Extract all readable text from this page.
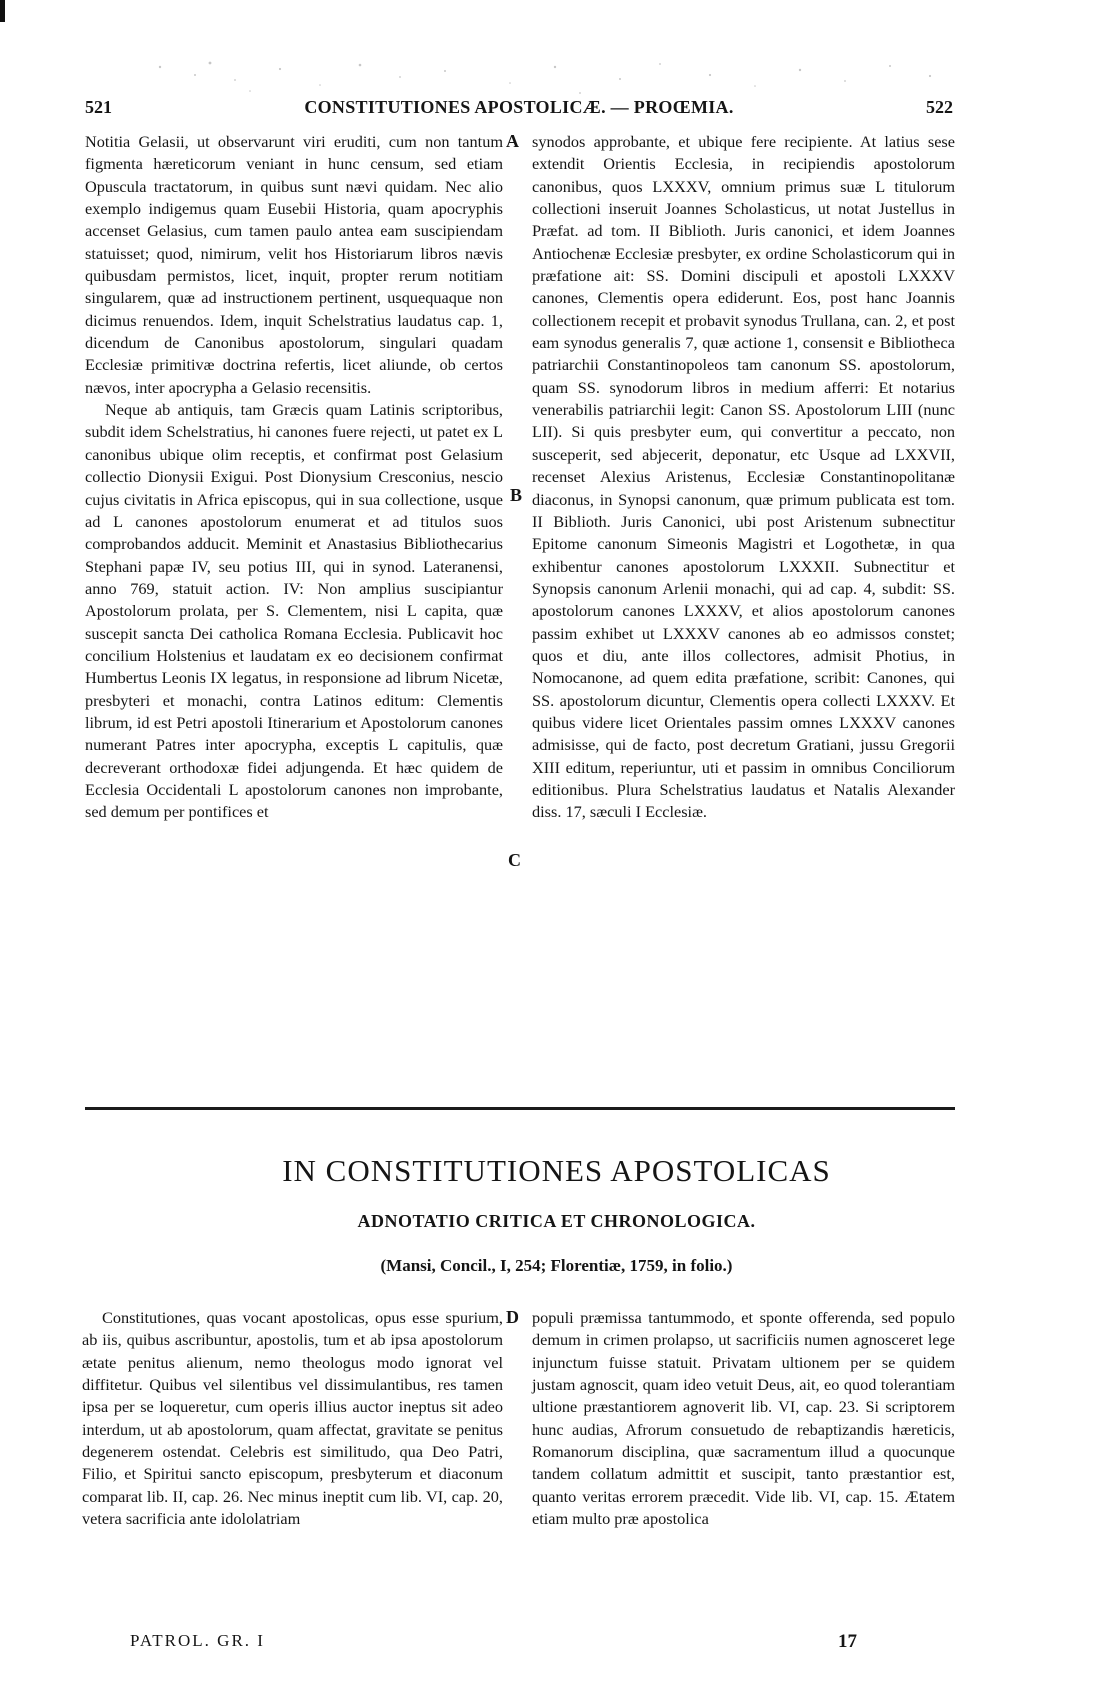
521	CONSTITUTIONES APOSTOLICÆ. — PROŒMIA.	522

Notitia Gelasii, ut observarunt viri eruditi, cum non tantum figmenta hæreticorum veniant in hunc censum, sed etiam Opuscula tractatorum, in quibus sunt nævi quidam. Nec alio exemplo indigemus quam Eusebii Historia, quam apocryphis accenset Gelasius, cum tamen paulo antea eam suscipiendam statuisset; quod, nimirum, velit hos Historiarum libros nævis quibusdam permistos, licet, inquit, propter rerum notitiam singularem, quæ ad instructionem pertinent, usquequaque non dicimus renuendos. Idem, inquit Schelstratius laudatus cap. 1, dicendum de Canonibus apostolorum, singulari quadam Ecclesiæ primitivæ doctrina refertis, licet aliunde, ob certos nævos, inter apocrypha a Gelasio recensitis.

Neque ab antiquis, tam Græcis quam Latinis scriptoribus, subdit idem Schelstratius, hi canones fuere rejecti, ut patet ex L canonibus ubique olim receptis, et confirmat post Gelasium collectio Dionysii Exigui. Post Dionysium Cresconius, nescio cujus civitatis in Africa episcopus, qui in sua collectione, usque ad L canones apostolorum enumerat et ad titulos suos comprobandos adducit. Meminit et Anastasius Bibliothecarius Stephani papæ IV, seu potius III, qui in synod. Lateranensi, anno 769, statuit action. IV: Non amplius suscipiantur Apostolorum prolata, per S. Clementem, nisi L capita, quæ suscepit sancta Dei catholica Romana Ecclesia. Publicavit hoc concilium Holstenius et laudatam ex eo decisionem confirmat Humbertus Leonis IX legatus, in responsione ad librum Nicetæ, presbyteri et monachi, contra Latinos editum: Clementis librum, id est Petri apostoli Itinerarium et Apostolorum canones numerant Patres inter apocrypha, exceptis L capitulis, quæ decreverant orthodoxæ fidei adjungenda. Et hæc quidem de Ecclesia Occidentali L apostolorum canones non improbante, sed demum per pontifices et

synodos approbante, et ubique fere recipiente. At latius sese extendit Orientis Ecclesia, in recipiendis apostolorum canonibus, quos LXXXV, omnium primus suæ L titulorum collectioni inseruit Joannes Scholasticus, ut notat Justellus in Præfat. ad tom. II Biblioth. Juris canonici, et idem Joannes Antiochenæ Ecclesiæ presbyter, ex ordine Scholasticorum qui in præfatione ait: SS. Domini discipuli et apostoli LXXXV canones, Clementis opera ediderunt. Eos, post hanc Joannis collectionem recepit et probavit synodus Trullana, can. 2, et post eam synodus generalis 7, quæ actione 1, consensit e Bibliotheca patriarchii Constantinopoleos tam canonum SS. apostolorum, quam SS. synodorum libros in medium afferri: Et notarius venerabilis patriarchii legit: Canon SS. Apostolorum LIII (nunc LII). Si quis presbyter eum, qui convertitur a peccato, non susceperit, sed abjecerit, deponatur, etc Usque ad LXXVII, recenset Alexius Aristenus, Ecclesiæ Constantinopolitanæ diaconus, in Synopsi canonum, quæ primum publicata est tom. II Biblioth. Juris Canonici, ubi post Aristenum subnectitur Epitome canonum Simeonis Magistri et Logothetæ, in qua exhibentur canones apostolorum LXXXII. Subnectitur et Synopsis canonum Arlenii monachi, qui ad cap. 4, subdit: SS. apostolorum canones LXXXV, et alios apostolorum canones passim exhibet ut LXXXV canones ab eo admissos constet; quos et diu, ante illos collectores, admisit Photius, in Nomocanone, ad quem edita præfatione, scribit: Canones, qui SS. apostolorum dicuntur, Clementis opera collecti LXXXV. Et quibus videre licet Orientales passim omnes LXXXV canones admisisse, qui de facto, post decretum Gratiani, jussu Gregorii XIII editum, reperiuntur, uti et passim in omnibus Conciliorum editionibus. Plura Schelstratius laudatus et Natalis Alexander diss. 17, sæculi I Ecclesiæ.

A
B
C
D
IN CONSTITUTIONES APOSTOLICAS
ADNOTATIO CRITICA ET CHRONOLOGICA.
(Mansi, Concil., I, 254; Florentiæ, 1759, in folio.)

Constitutiones, quas vocant apostolicas, opus esse spurium, ab iis, quibus ascribuntur, apostolis, tum et ab ipsa apostolorum ætate penitus alienum, nemo theologus modo ignorat vel diffitetur. Quibus vel silentibus vel dissimulantibus, res tamen ipsa per se loqueretur, cum operis illius auctor ineptus sit adeo interdum, ut ab apostolorum, quam affectat, gravitate se penitus degenerem ostendat. Celebris est similitudo, qua Deo Patri, Filio, et Spiritui sancto episcopum, presbyterum et diaconum comparat lib. II, cap. 26. Nec minus ineptit cum lib. VI, cap. 20, vetera sacrificia ante idololatriam

populi præmissa tantummodo, et sponte offerenda, sed populo demum in crimen prolapso, ut sacrificiis numen agnosceret lege injunctum fuisse statuit. Privatam ultionem per se quidem justam agnoscit, quam ideo vetuit Deus, ait, eo quod tolerantiam ultione præstantiorem agnoverit lib. VI, cap. 23. Si scriptorem hunc audias, Afrorum consuetudo de rebaptizandis hæreticis, Romanorum disciplina, quæ sacramentum illud a quocunque tandem collatum admittit et suscipit, tanto præstantior est, quanto veritas errorem præcedit. Vide lib. VI, cap. 15. Ætatem etiam multo præ apostolica

PATROL. GR. I	17
